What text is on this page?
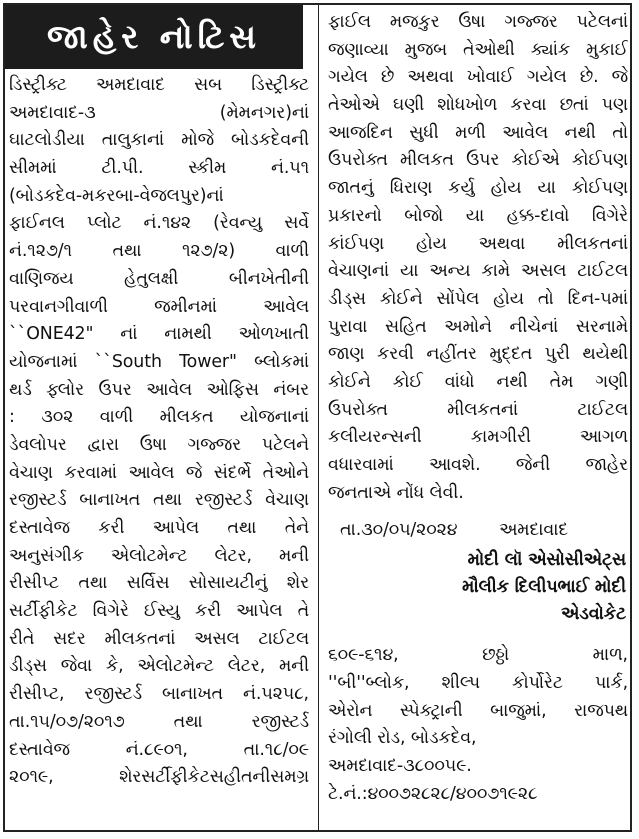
જાહેર નોટિસ
ડિસ્ટ્રીક્ટ અમદાવાદ સબ ડિસ્ટ્રીક્ટ
અમદાવાદ-૩ (મેમનગર)નાં
ઘાટલોડીયા તાલુકાનાં મોજે બોડકદેવની
સીમમાં ટી.પી. સ્કીમ નં.૫૧
(બોડકદેવ-મકરબા-વેજલપુર)નાં
ફાઈનલ પ્લોટ નં.૧૪૨ (રેવન્યુ સર્વે
નં.૧૨૭/૧ તથા ૧૨૭/૨) વાળી
વાણિજય હેતુલક્ષી બીનખેતીની
પરવાનગીવાળી જમીનમાં આવેલ
``ONE42" નાં નામથી ઓળખાતી
યોજનામાં ``South Tower" બ્લોકમાં
થર્ડ ફ્લોર ઉપર આવેલ ઓફિસ નંબર
: ૩૦૨ વાળી મીલકત યોજનાનાં
ડેવલોપર દ્વારા ઉષા ગજ્જર પટેલને
વેચાણ કરવામાં આવેલ જે સંદર્ભે તેઓને
રજીસ્ટર્ડ બાનાખત તથા રજીસ્ટર્ડ વેચાણ
દસ્તાવેજ કરી આપેલ તથા તેને
અનુસંગીક એલોટમેન્ટ લેટર, મની
રીસીપ્ટ તથા સર્વિસ સોસાયટીનું શેર
સર્ટીફીકેટ વિગેરે ઈસ્યુ કરી આપેલ તે
રીતે સદર મીલકતનાં અસલ ટાઈટલ
ડીડ્સ જેવા કે, એલોટમેન્ટ લેટર, મની
રીસીપ્ટ, રજીસ્ટર્ડ બાનાખત નં.૫૨૫૮,
તા.૧૫/૦૭/૨૦૧૭ તથા રજીસ્ટર્ડ
દસ્તાવેજ નં.૮૯૦૧, તા.૧૮/૦૯
૨૦૧૯, શેરસર્ટીફીકેટસહીતનીસમગ્ર
ફાઈલ મજકુર ઉષા ગજ્જર પટેલનાં
જણાવ્યા મુજબ તેઓથી ક્યાંક મુકાઈ
ગયેલ છે અથવા ખોવાઈ ગયેલ છે. જે
તેઓએ ઘણી શોધખોળ કરવા છતાં પણ
આજદિન સુધી મળી આવેલ નથી તો
ઉપરોક્ત મીલકત ઉપર કોઈએ કોઈપણ
જાતનું ધિરાણ કર્યુ હોય યા કોઈપણ
પ્રકારનો બોજો યા હક્ક-દાવો વિગેરે
કાંઈપણ હોય અથવા મીલકતનાં
વેચાણનાં યા અન્ય કામે અસલ ટાઈટલ
ડીડ્સ કોઈને સોંપેલ હોય તો દિન-૫માં
પુરાવા સહિત અમોને નીચેનાં સરનામે
જાણ કરવી નહીંતર મુદ્દત પુરી થયેથી
કોઈને કોઈ વાંધો નથી તેમ ગણી
ઉપરોક્ત મીલકતનાં ટાઈટલ
કલીયરન્સની કામગીરી આગળ
વધારવામાં આવશે. જેની જાહેર
જનતાએ નોંધ લેવી.
તા.૩૦/૦૫/૨૦૨૪ અમદાવાદ
મોદી લૉ એસોસીએટ્સ
મૌલીક દિલીપભાઈ મોદી
એડવોકેટ
૬૦૯-૬૧૪, છઠ્ઠો માળ,
''બી''બ્લોક, શીલ્પ કોર્પોરેટ પાર્ક,
એરોન સ્પેક્ટ્રાની બાજુમાં, રાજપથ
રંગોલી રોડ, બોડકદેવ,
અમદાવાદ-૩૮૦૦૫૯.
ટે.નં.:૪૦૦૭૨૮૨૮/૪૦૦૭૧૯૨૮
